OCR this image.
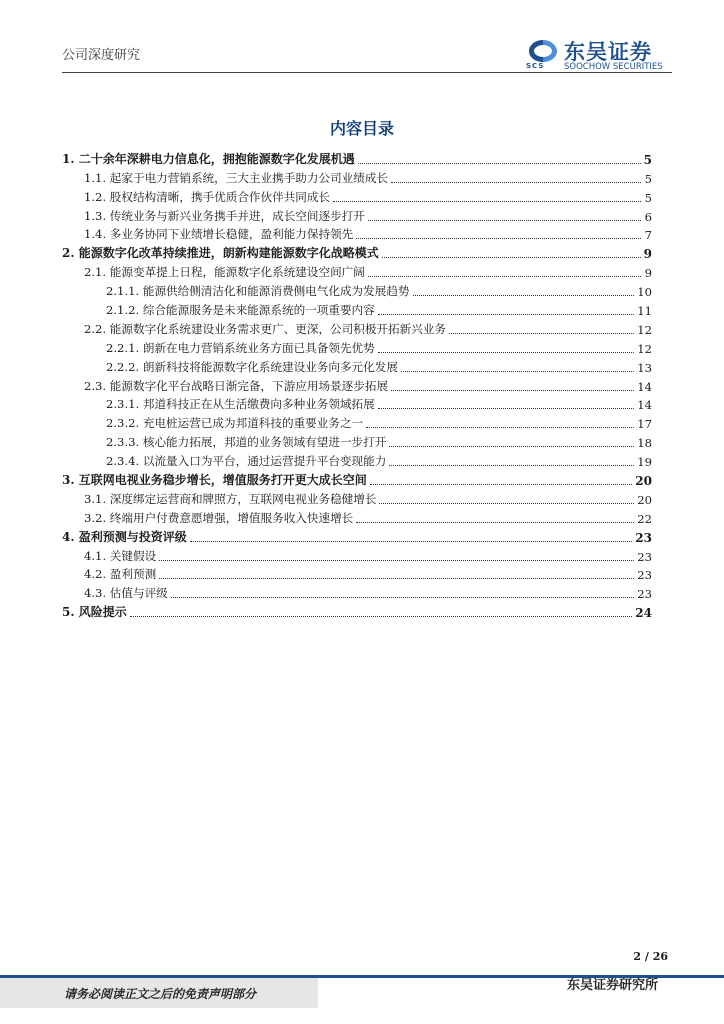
公司深度研究
SCS
东吴证券
SOOCHOW SECURITIES
内容目录
1. 二十余年深耕电力信息化，拥抱能源数字化发展机遇	5
1.1. 起家于电力营销系统，三大主业携手助力公司业绩成长	5
1.2. 股权结构清晰，携手优质合作伙伴共同成长	5
1.3. 传统业务与新兴业务携手并进，成长空间逐步打开	6
1.4. 多业务协同下业绩增长稳健，盈利能力保持领先	7
2. 能源数字化改革持续推进，朗新构建能源数字化战略模式	9
2.1. 能源变革提上日程，能源数字化系统建设空间广阔	9
2.1.1. 能源供给侧清洁化和能源消费侧电气化成为发展趋势	10
2.1.2. 综合能源服务是未来能源系统的一项重要内容	11
2.2. 能源数字化系统建设业务需求更广、更深，公司积极开拓新兴业务	12
2.2.1. 朗新在电力营销系统业务方面已具备领先优势	12
2.2.2. 朗新科技将能源数字化系统建设业务向多元化发展	13
2.3. 能源数字化平台战略日渐完备，下游应用场景逐步拓展	14
2.3.1. 邦道科技正在从生活缴费向多种业务领域拓展	14
2.3.2. 充电桩运营已成为邦道科技的重要业务之一	17
2.3.3. 核心能力拓展，邦道的业务领域有望进一步打开	18
2.3.4. 以流量入口为平台，通过运营提升平台变现能力	19
3. 互联网电视业务稳步增长，增值服务打开更大成长空间	20
3.1. 深度绑定运营商和牌照方，互联网电视业务稳健增长	20
3.2. 终端用户付费意愿增强，增值服务收入快速增长	22
4. 盈利预测与投资评级	23
4.1. 关键假设	23
4.2. 盈利预测	23
4.3. 估值与评级	23
5. 风险提示	24
2 / 26
请务必阅读正文之后的免责声明部分
东吴证券研究所
